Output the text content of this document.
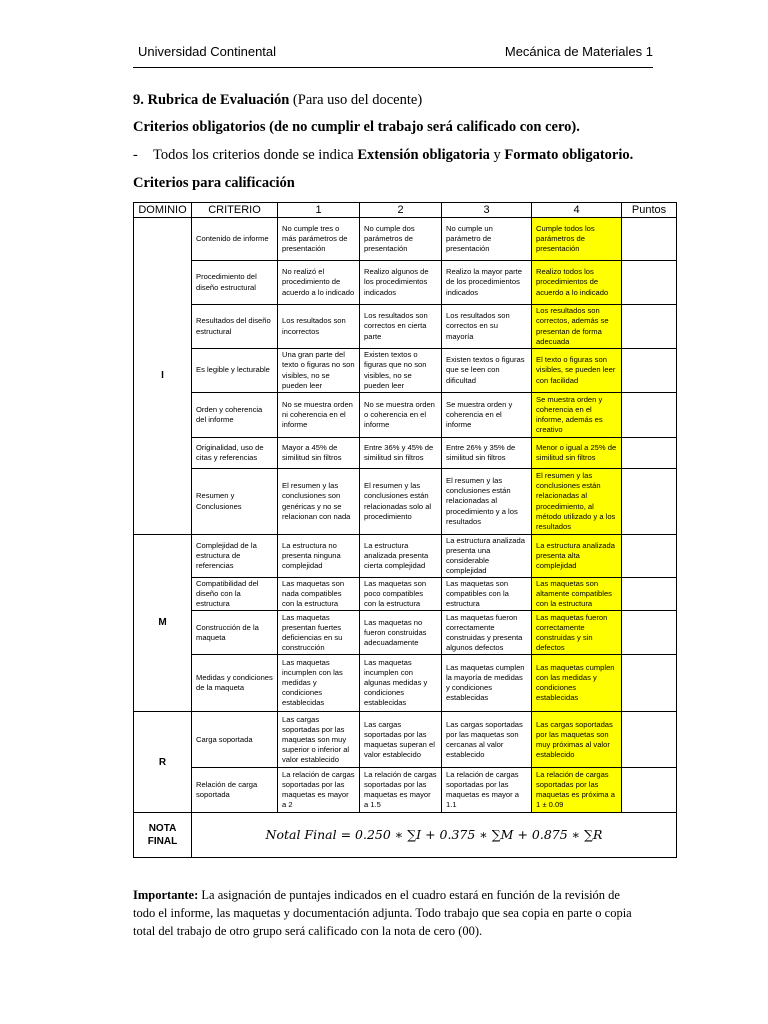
Universidad Continental	Mecánica de Materiales 1
9. Rubrica de Evaluación (Para uso del docente)
Criterios obligatorios (de no cumplir el trabajo será calificado con cero).
- Todos los criterios donde se indica Extensión obligatoria y Formato obligatorio.
Criterios para calificación
DOMINIO	CRITERIO	1	2	3	4	Puntos
I	Contenido de informe	No cumple tres o más parámetros de presentación	No cumple dos parámetros de presentación	No cumple un parámetro de presentación	Cumple todos los parámetros de presentación	
	Procedimiento del diseño estructural	No realizó el procedimiento de acuerdo a lo indicado	Realizo algunos de los procedimientos indicados	Realizo la mayor parte de los procedimientos indicados	Realizo todos los procedimientos de acuerdo a lo indicado	
	Resultados del diseño estructural	Los resultados son incorrectos	Los resultados son correctos en cierta parte	Los resultados son correctos en su mayoría	Los resultados son correctos, además se presentan de forma adecuada	
	Es legible y lecturable	Una gran parte del texto o figuras no son visibles, no se pueden leer	Existen textos o figuras que no son visibles, no se pueden leer	Existen textos o figuras que se leen con dificultad	El texto o figuras son visibles, se pueden leer con facilidad	
	Orden y coherencia del informe	No se muestra orden ni coherencia en el informe	No se muestra orden o coherencia en el informe	Se muestra orden y coherencia en el informe	Se muestra orden y coherencia en el informe, además es creativo	
	Originalidad, uso de citas y referencias	Mayor a 45% de similitud sin filtros	Entre 36% y 45% de similitud sin filtros	Entre 26% y 35% de similitud sin filtros	Menor o igual a 25% de similitud sin filtros	
	Resumen y Conclusiones	El resumen y las conclusiones son genéricas y no se relacionan con nada	El resumen y las conclusiones están relacionadas solo al procedimiento	El resumen y las conclusiones están relacionadas al procedimiento y a los resultados	El resumen y las conclusiones están relacionadas al procedimiento, al método utilizado y a los resultados	
M	Complejidad de la estructura de referencias	La estructura no presenta ninguna complejidad	La estructura analizada presenta cierta complejidad	La estructura analizada presenta una considerable complejidad	La estructura analizada presenta alta complejidad	
	Compatibilidad del diseño con la estructura	Las maquetas son nada compatibles con la estructura	Las maquetas son poco compatibles con la estructura	Las maquetas son compatibles con la estructura	Las maquetas son altamente compatibles con la estructura	
	Construcción de la maqueta	Las maquetas presentan fuertes deficiencias en su construcción	Las maquetas no fueron construidas adecuadamente	Las maquetas fueron correctamente construidas y presenta algunos defectos	Las maquetas fueron correctamente construidas y sin defectos	
	Medidas y condiciones de la maqueta	Las maquetas incumplen con las medidas y condiciones establecidas	Las maquetas incumplen con algunas medidas y condiciones establecidas	Las maquetas cumplen la mayoría de medidas y condiciones establecidas	Las maquetas cumplen con las medidas y condiciones establecidas	
R	Carga soportada	Las cargas soportadas por las maquetas son muy superior o inferior al valor establecido	Las cargas soportadas por las maquetas superan el valor establecido	Las cargas soportadas por las maquetas son cercanas al valor establecido	Las cargas soportadas por las maquetas son muy próximas al valor establecido	
	Relación de carga soportada	La relación de cargas soportadas por las maquetas es mayor a 2	La relación de cargas soportadas por las maquetas es mayor a 1.5	La relación de cargas soportadas por las maquetas es mayor a 1.1	La relación de cargas soportadas por las maquetas es próxima a 1 ± 0.09	
NOTA FINAL	Notal Final = 0.250 ∗ ∑I + 0.375 ∗ ∑M + 0.875 ∗ ∑R					
Importante: La asignación de puntajes indicados en el cuadro estará en función de la revisión de todo el informe, las maquetas y documentación adjunta. Todo trabajo que sea copia en parte o copia total del trabajo de otro grupo será calificado con la nota de cero (00).
